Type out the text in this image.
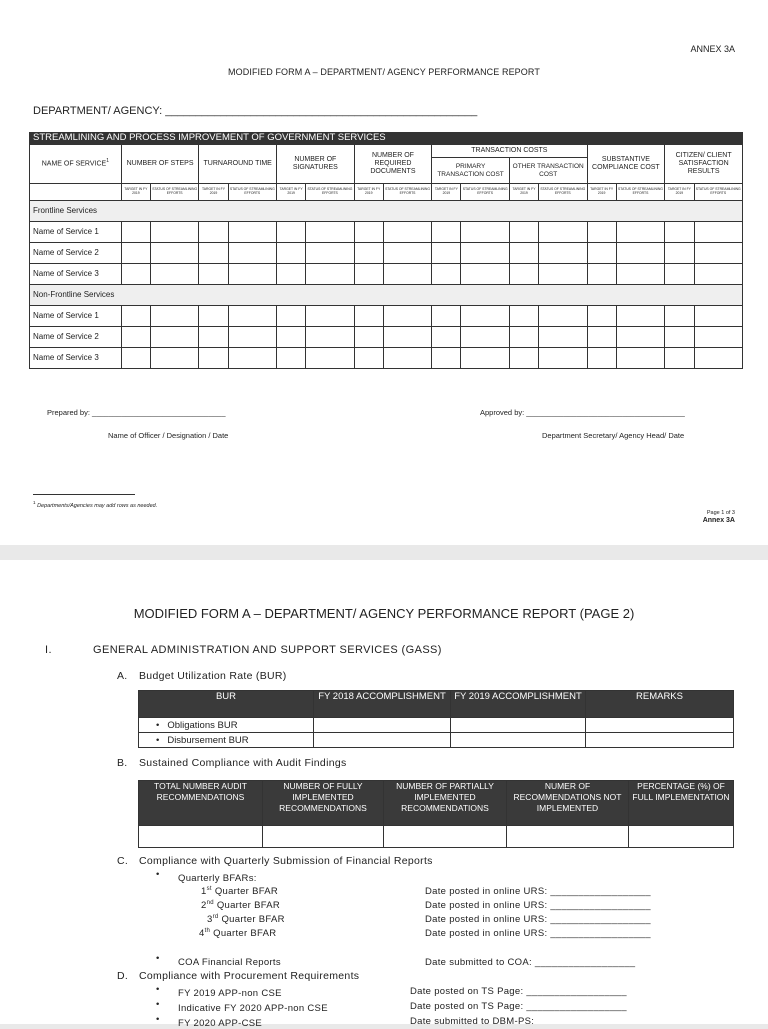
ANNEX 3A
MODIFIED FORM A – DEPARTMENT/ AGENCY PERFORMANCE REPORT
DEPARTMENT/ AGENCY: ___________________________________________________
STREAMLINING AND PROCESS IMPROVEMENT OF GOVERNMENT SERVICES																
NAME OF SERVICE$^1$	NUMBER OF STEPS		TURNAROUND TIME		NUMBER OF SIGNATURES		NUMBER OF REQUIRED DOCUMENTS		TRANSACTION COSTS				SUBSTANTIVE COMPLIANCE COST		CITIZEN/ CLIENT SATISFACTION RESULTS	
									PRIMARY TRANSACTION COST		OTHER TRANSACTION COST					
	TARGET IN FY 2019	STATUS OF STREAMLINING EFFORTS	TARGET IN FY 2019	STATUS OF STREAMLINING EFFORTS	TARGET IN FY 2019	STATUS OF STREAMLINING EFFORTS	TARGET IN FY 2019	STATUS OF STREAMLINING EFFORTS	TARGET IN FY 2019	STATUS OF STREAMLINING EFFORTS	TARGET IN FY 2019	STATUS OF STREAMLINING EFFORTS	TARGET IN FY 2019	STATUS OF STREAMLINING EFFORTS	TARGET IN FY 2019	STATUS OF STREAMLINING EFFORTS
Frontline Services																
Name of Service 1																
Name of Service 2																
Name of Service 3																
Non-Frontline Services																
Name of Service 1																
Name of Service 2																
Name of Service 3																
Prepared by: ________________________________
Name of Officer / Designation / Date
Approved by: ______________________________________
Department Secretary/ Agency Head/ Date
$^1$ Departments/Agencies may add rows as needed.
Page 1 of 3
Annex 3A
MODIFIED FORM A – DEPARTMENT/ AGENCY PERFORMANCE REPORT (PAGE 2)
I.	GENERAL ADMINISTRATION AND SUPPORT SERVICES (GASS)
A. Budget Utilization Rate (BUR)
BUR	FY 2018 ACCOMPLISHMENT	FY 2019 ACCOMPLISHMENT	REMARKS
• Obligations BUR			
• Disbursement BUR			
B. Sustained Compliance with Audit Findings
TOTAL NUMBER AUDIT RECOMMENDATIONS	NUMBER OF FULLY IMPLEMENTED RECOMMENDATIONS	NUMBER OF PARTIALLY IMPLEMENTED RECOMMENDATIONS	NUMER OF RECOMMENDATIONS NOT IMPLEMENTED	PERCENTAGE (%) OF FULL IMPLEMENTATION

C. Compliance with Quarterly Submission of Financial Reports
• Quarterly BFARs:
1st Quarter BFAR	Date posted in online URS: __________________
2nd Quarter BFAR	Date posted in online URS: __________________
3rd Quarter BFAR	Date posted in online URS: __________________
4th Quarter BFAR	Date posted in online URS: __________________
• COA Financial Reports	Date submitted to COA: __________________
D. Compliance with Procurement Requirements
• FY 2019 APP-non CSE	Date posted on TS Page: __________________
• Indicative FY 2020 APP-non CSE	Date posted on TS Page: __________________
• FY 2020 APP-CSE	Date submitted to DBM-PS:
